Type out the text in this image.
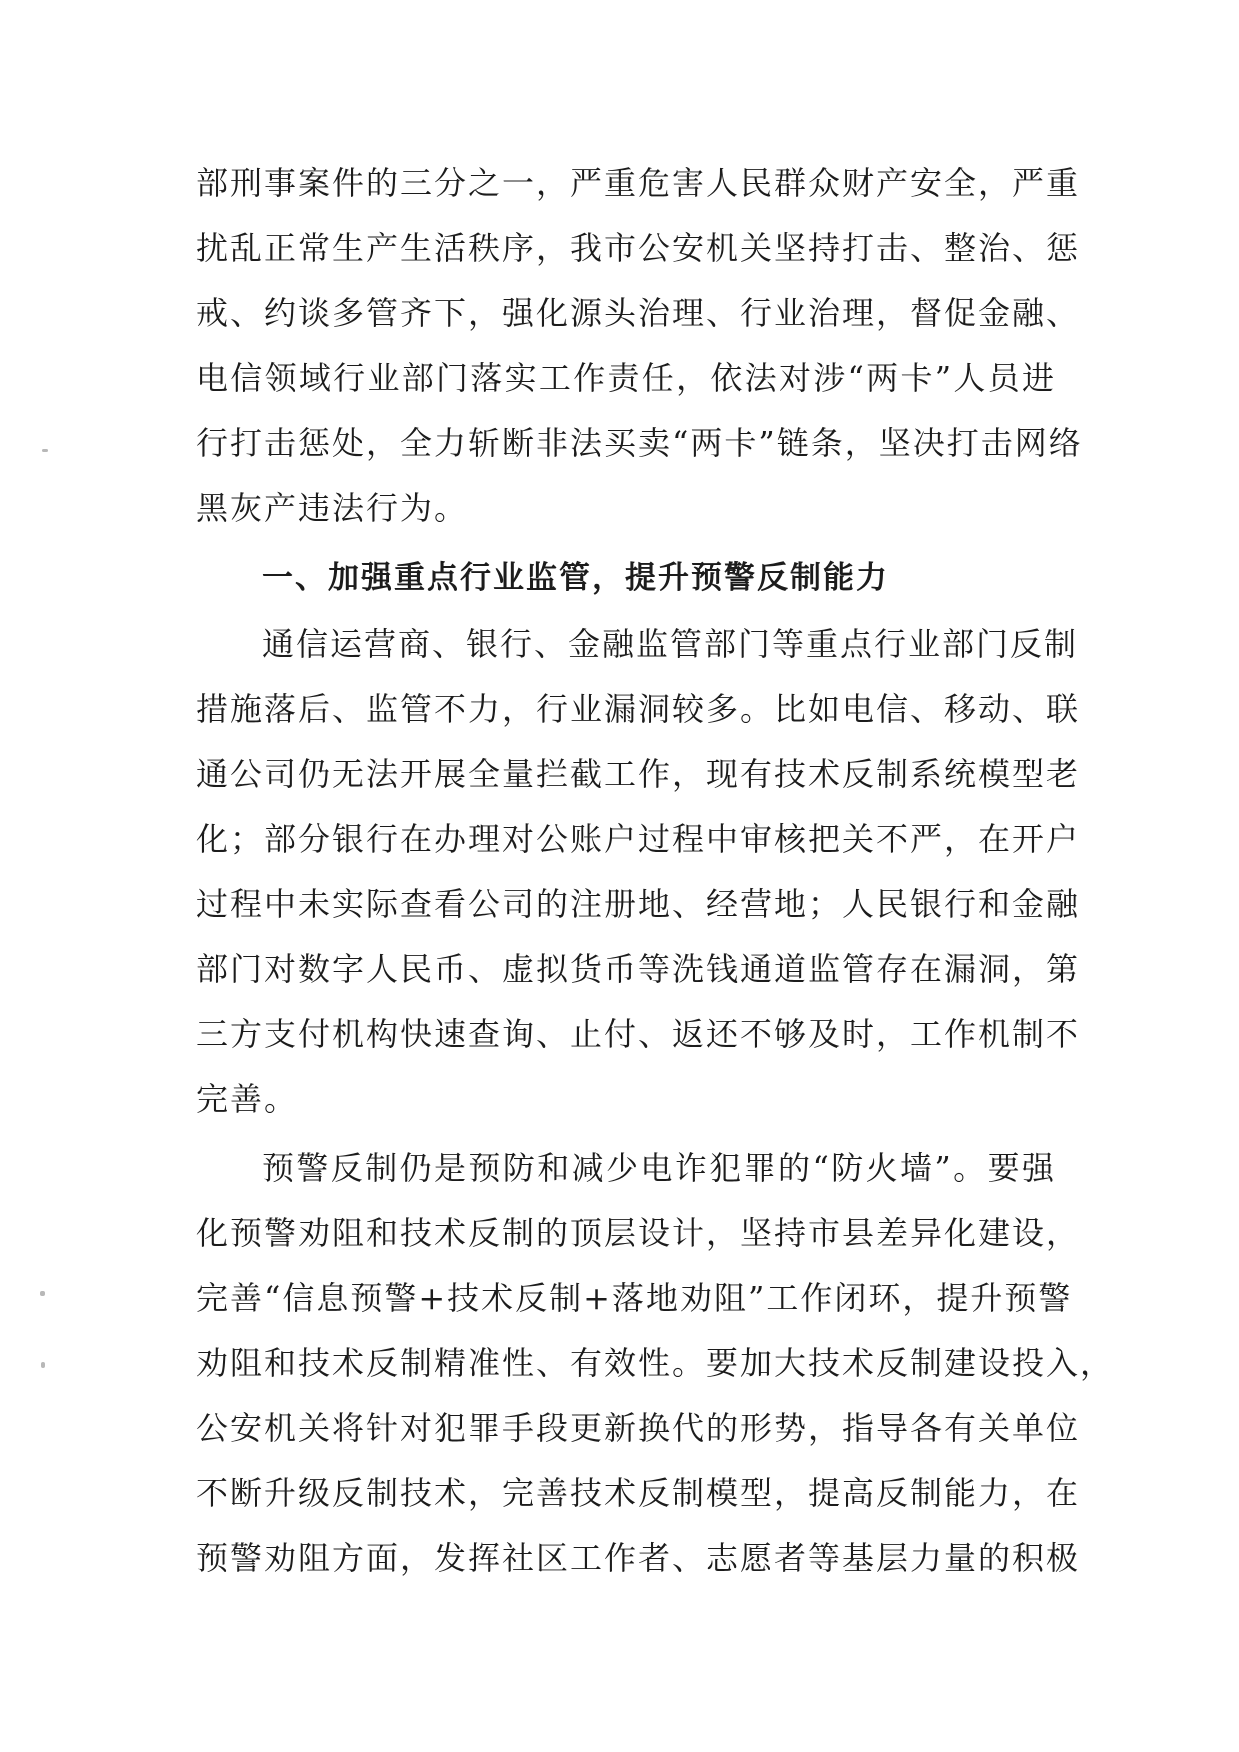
部刑事案件的三分之一，严重危害人民群众财产安全，严重
扰乱正常生产生活秩序，我市公安机关坚持打击、整治、惩
戒、约谈多管齐下，强化源头治理、行业治理，督促金融、
电信领域行业部门落实工作责任，依法对涉“两卡”人员进
行打击惩处，全力斩断非法买卖“两卡”链条，坚决打击网络
黑灰产违法行为。
一、加强重点行业监管，提升预警反制能力
通信运营商、银行、金融监管部门等重点行业部门反制
措施落后、监管不力，行业漏洞较多。比如电信、移动、联
通公司仍无法开展全量拦截工作，现有技术反制系统模型老
化；部分银行在办理对公账户过程中审核把关不严，在开户
过程中未实际查看公司的注册地、经营地；人民银行和金融
部门对数字人民币、虚拟货币等洗钱通道监管存在漏洞，第
三方支付机构快速查询、止付、返还不够及时，工作机制不
完善。
预警反制仍是预防和减少电诈犯罪的“防火墙”。要强
化预警劝阻和技术反制的顶层设计，坚持市县差异化建设，
完善“信息预警+技术反制+落地劝阻”工作闭环，提升预警
劝阻和技术反制精准性、有效性。要加大技术反制建设投入，
公安机关将针对犯罪手段更新换代的形势，指导各有关单位
不断升级反制技术，完善技术反制模型，提高反制能力，在
预警劝阻方面，发挥社区工作者、志愿者等基层力量的积极
